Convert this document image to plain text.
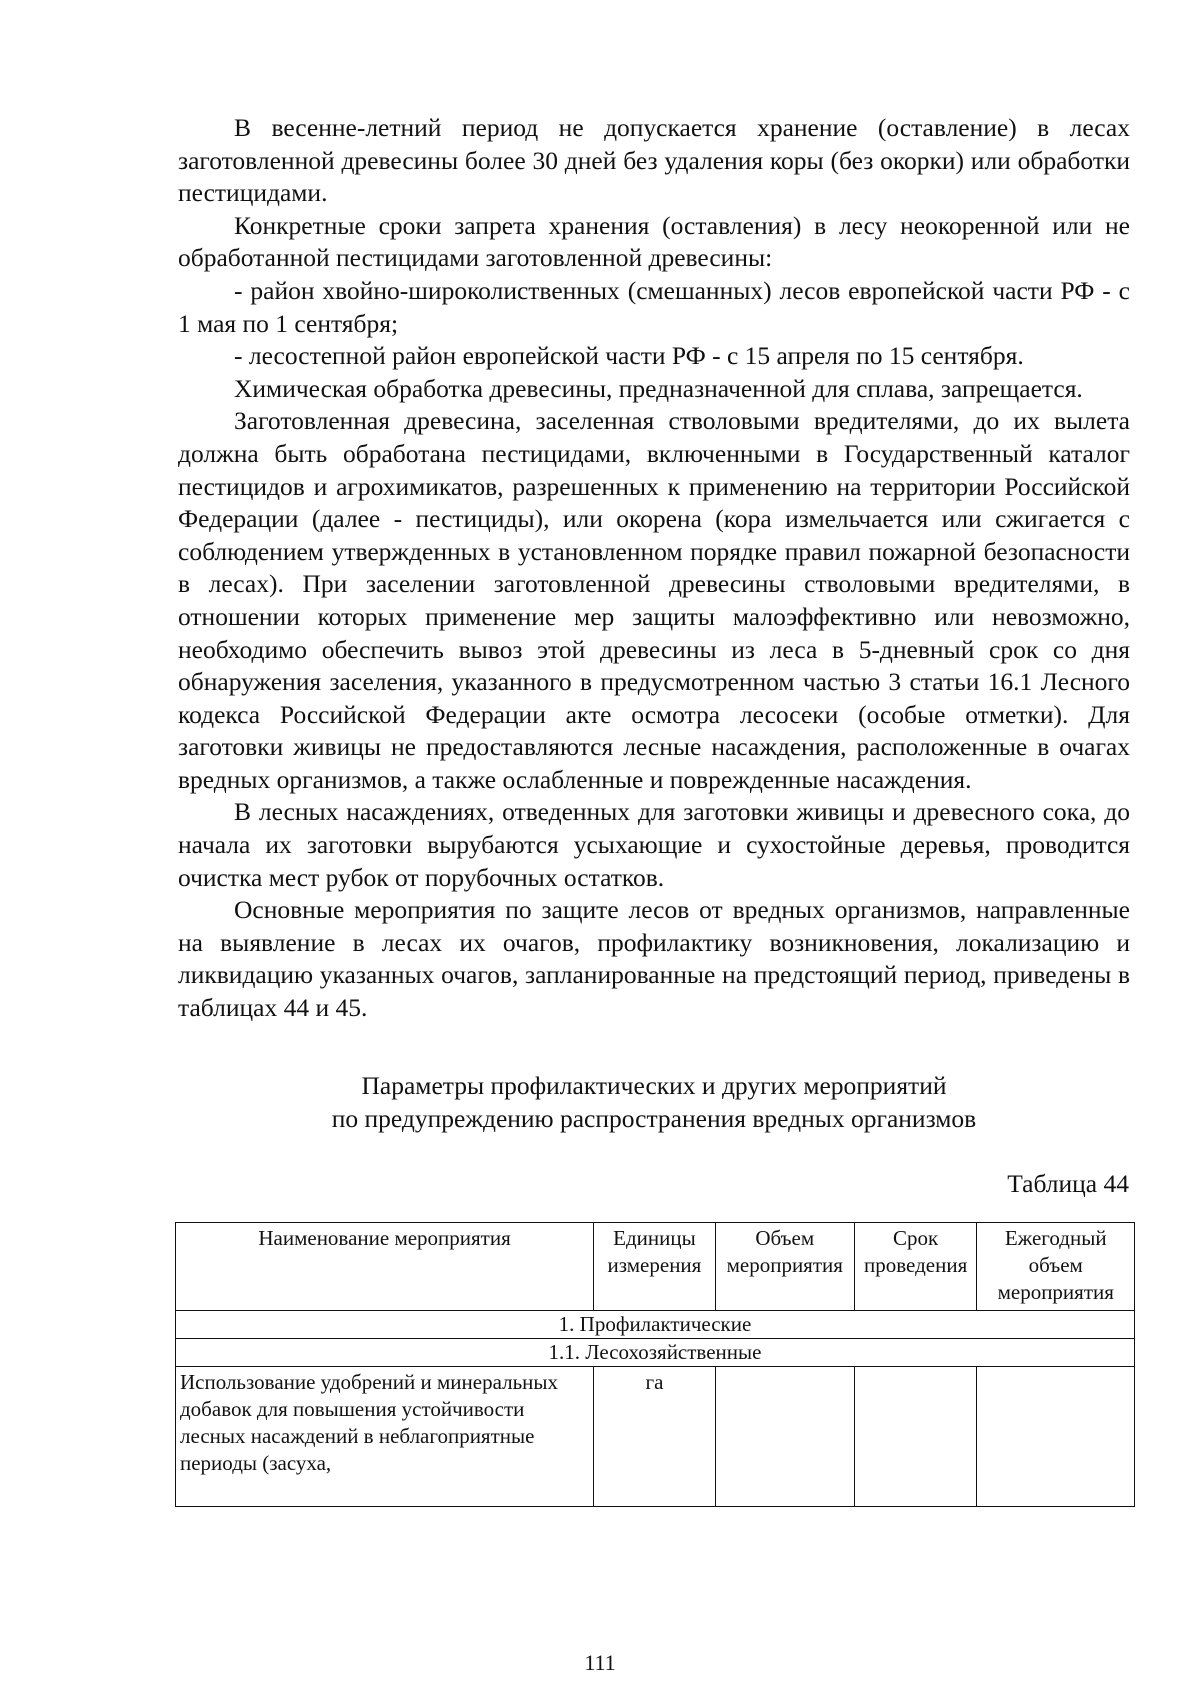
В весенне-летний период не допускается хранение (оставление) в лесах заготовленной древесины более 30 дней без удаления коры (без окорки) или обработки пестицидами.

Конкретные сроки запрета хранения (оставления) в лесу неокоренной или не обработанной пестицидами заготовленной древесины:

- район хвойно-широколиственных (смешанных) лесов европейской части РФ - с 1 мая по 1 сентября;

- лесостепной район европейской части РФ - с 15 апреля по 15 сентября.

Химическая обработка древесины, предназначенной для сплава, запрещается.

Заготовленная древесина, заселенная стволовыми вредителями, до их вылета должна быть обработана пестицидами, включенными в Государственный каталог пестицидов и агрохимикатов, разрешенных к применению на территории Российской Федерации (далее - пестициды), или окорена (кора измельчается или сжигается с соблюдением утвержденных в установленном порядке правил пожарной безопасности в лесах). При заселении заготовленной древесины стволовыми вредителями, в отношении которых применение мер защиты малоэффективно или невозможно, необходимо обеспечить вывоз этой древесины из леса в 5-дневный срок со дня обнаружения заселения, указанного в предусмотренном частью 3 статьи 16.1 Лесного кодекса Российской Федерации акте осмотра лесосеки (особые отметки). Для заготовки живицы не предоставляются лесные насаждения, расположенные в очагах вредных организмов, а также ослабленные и поврежденные насаждения.

В лесных насаждениях, отведенных для заготовки живицы и древесного сока, до начала их заготовки вырубаются усыхающие и сухостойные деревья, проводится очистка мест рубок от порубочных остатков.

Основные мероприятия по защите лесов от вредных организмов, направленные на выявление в лесах их очагов, профилактику возникновения, локализацию и ликвидацию указанных очагов, запланированные на предстоящий период, приведены в таблицах 44 и 45.

Параметры профилактических и других мероприятий
по предупреждению распространения вредных организмов
Таблица 44
Наименование мероприятия	Единицы измерения	Объем мероприятия	Срок проведения	Ежегодный объем мероприятия
1. Профилактические				
1.1. Лесохозяйственные				
Использование удобрений и минеральных добавок для повышения устойчивости лесных насаждений в неблагоприятные периоды (засуха,	га			
111
